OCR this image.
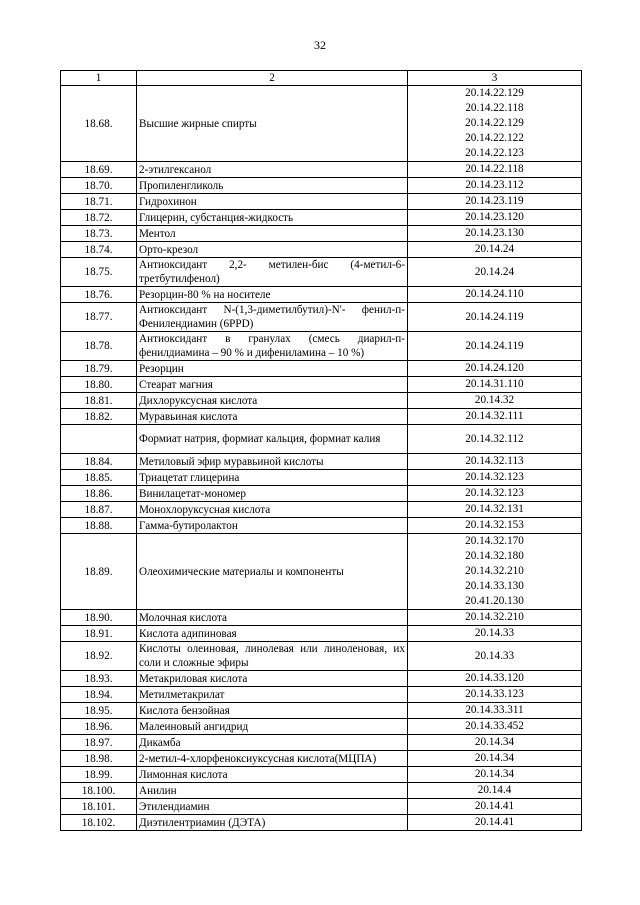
32
1	2	3
18.68.	Высшие жирные спирты	20.14.22.129
20.14.22.118
20.14.22.129
20.14.22.122
20.14.22.123

18.69.	2-этилгексанол	20.14.22.118

18.70.	Пропиленгликоль	20.14.23.112

18.71.	Гидрохинон	20.14.23.119

18.72.	Глицерин, субстанция-жидкость	20.14.23.120

18.73.	Ментол	20.14.23.130

18.74.	Орто-крезол	20.14.24

18.75.	Антиоксидант 2,2- метилен-бис (4-метил-6-третбутилфенол)	20.14.24

18.76.	Резорцин-80 % на носителе	20.14.24.110

18.77.	Антиоксидант N-(1,3-диметилбутил)-N'- фенил-п-Фенилендиамин (6PPD)	20.14.24.119

18.78.	Антиоксидант в гранулах (смесь диарил-п-фенилдиамина – 90 % и дифениламина – 10 %)	20.14.24.119

18.79.	Резорцин	20.14.24.120

18.80.	Стеарат магния	20.14.31.110

18.81.	Дихлоруксусная кислота	20.14.32

18.82.	Муравьиная кислота	20.14.32.111

	Формиат натрия, формиат кальция, формиат калия	20.14.32.112

18.84.	Метиловый эфир муравьиной кислоты	20.14.32.113

18.85.	Триацетат глицерина	20.14.32.123

18.86.	Винилацетат-мономер	20.14.32.123

18.87.	Монохлоруксусная кислота	20.14.32.131

18.88.	Гамма-бутиролактон	20.14.32.153

18.89.	Олеохимические материалы и компоненты	20.14.32.170
20.14.32.180
20.14.32.210
20.14.33.130
20.41.20.130

18.90.	Молочная кислота	20.14.32.210

18.91.	Кислота адипиновая	20.14.33

18.92.	Кислоты олеиновая, линолевая или линоленовая, их соли и сложные эфиры	20.14.33

18.93.	Метакриловая кислота	20.14.33.120

18.94.	Метилметакрилат	20.14.33.123

18.95.	Кислота бензойная	20.14.33.311

18.96.	Малеиновый ангидрид	20.14.33.452

18.97.	Дикамба	20.14.34

18.98.	2-метил-4-хлорфеноксиуксусная кислота(МЦПА)	20.14.34

18.99.	Лимонная кислота	20.14.34

18.100.	Анилин	20.14.4

18.101.	Этилендиамин	20.14.41

18.102.	Диэтилентриамин (ДЭТА)	20.14.41
